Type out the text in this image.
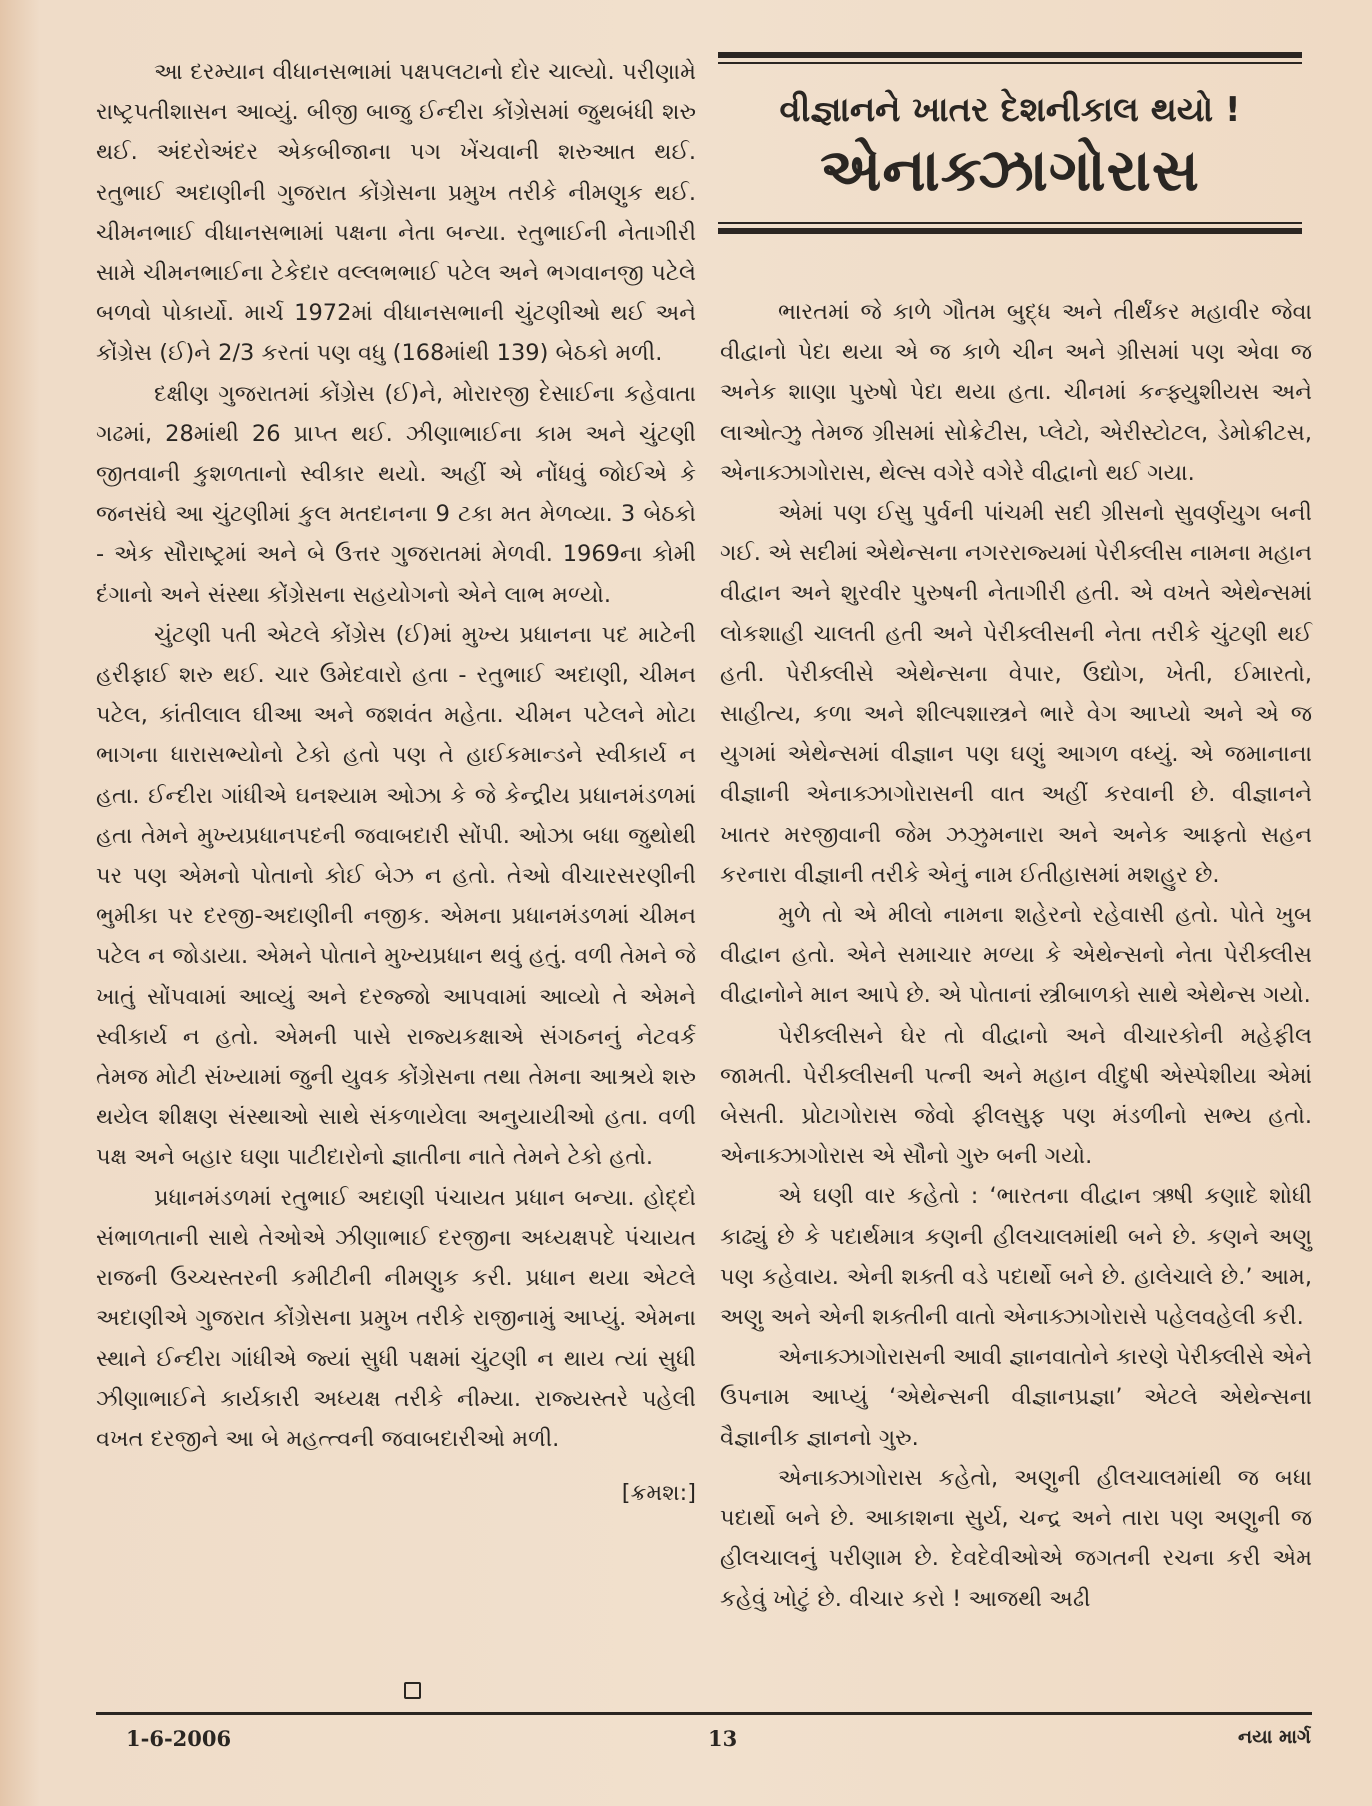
આ દરમ્યાન વીધાનસભામાં પક્ષપલટાનો દોર ચાલ્યો. પરીણામે રાષ્ટ્રપતીશાસન આવ્યું. બીજી બાજુ ઈન્દીરા કોંગ્રેસમાં જુથબંધી શરુ થઈ. અંદરોઅંદર એકબીજાના પગ ખેંચવાની શરુઆત થઈ. રતુભાઈ અદાણીની ગુજરાત કોંગ્રેસના પ્રમુખ તરીકે નીમણુક થઈ. ચીમનભાઈ વીધાનસભામાં પક્ષના નેતા બન્યા. રતુભાઈની નેતાગીરી સામે ચીમનભાઈના ટેકેદાર વલ્લભભાઈ પટેલ અને ભગવાનજી પટેલે બળવો પોકાર્યો. માર્ચ 1972માં વીધાનસભાની ચુંટણીઓ થઈ અને કોંગ્રેસ (ઈ)ને 2/3 કરતાં પણ વધુ (168માંથી 139) બેઠકો મળી.

દક્ષીણ ગુજરાતમાં કોંગ્રેસ (ઈ)ને, મોરારજી દેસાઈના કહેવાતા ગઢમાં, 28માંથી 26 પ્રાપ્ત થઈ. ઝીણાભાઈના કામ અને ચુંટણી જીતવાની કુશળતાનો સ્વીકાર થયો. અહીં એ નોંધવું જોઈએ કે જનસંઘે આ ચુંટણીમાં કુલ મતદાનના 9 ટકા મત મેળવ્યા. 3 બેઠકો - એક સૌરાષ્ટ્રમાં અને બે ઉત્તર ગુજરાતમાં મેળવી. 1969ના કોમી દંગાનો અને સંસ્થા કોંગ્રેસના સહયોગનો એને લાભ મળ્યો.

ચુંટણી પતી એટલે કોંગ્રેસ (ઈ)માં મુખ્ય પ્રધાનના પદ માટેની હરીફાઈ શરુ થઈ. ચાર ઉમેદવારો હતા - રતુભાઈ અદાણી, ચીમન પટેલ, કાંતીલાલ ઘીઆ અને જશવંત મહેતા. ચીમન પટેલને મોટા ભાગના ધારાસભ્યોનો ટેકો હતો પણ તે હાઈકમાન્ડને સ્વીકાર્ય ન હતા. ઈન્દીરા ગાંધીએ ઘનશ્યામ ઓઝા કે જે કેન્દ્રીય પ્રધાનમંડળમાં હતા તેમને મુખ્યપ્રધાનપદની જવાબદારી સોંપી. ઓઝા બધા જુથોથી પર પણ એમનો પોતાનો કોઈ બેઝ ન હતો. તેઓ વીચારસરણીની ભુમીકા પર દરજી-અદાણીની નજીક. એમના પ્રધાનમંડળમાં ચીમન પટેલ ન જોડાયા. એમને પોતાને મુખ્યપ્રધાન થવું હતું. વળી તેમને જે ખાતું સોંપવામાં આવ્યું અને દરજ્જો આપવામાં આવ્યો તે એમને સ્વીકાર્ય ન હતો. એમની પાસે રાજ્યકક્ષાએ સંગઠનનું નેટવર્ક તેમજ મોટી સંખ્યામાં જુની યુવક કોંગ્રેસના તથા તેમના આશ્રયે શરુ થયેલ શીક્ષણ સંસ્થાઓ સાથે સંકળાયેલા અનુયાયીઓ હતા. વળી પક્ષ અને બહાર ઘણા પાટીદારોનો જ્ઞાતીના નાતે તેમને ટેકો હતો.

પ્રધાનમંડળમાં રતુભાઈ અદાણી પંચાયત પ્રધાન બન્યા. હોદ્દો સંભાળતાની સાથે તેઓએ ઝીણાભાઈ દરજીના અધ્યક્ષપદે પંચાયત રાજની ઉચ્ચસ્તરની કમીટીની નીમણુક કરી. પ્રધાન થયા એટલે અદાણીએ ગુજરાત કોંગ્રેસના પ્રમુખ તરીકે રાજીનામું આપ્યું. એમના સ્થાને ઈન્દીરા ગાંધીએ જ્યાં સુધી પક્ષમાં ચુંટણી ન થાય ત્યાં સુધી ઝીણાભાઈને કાર્યકારી અધ્યક્ષ તરીકે નીમ્યા. રાજ્યસ્તરે પહેલી વખત દરજીને આ બે મહત્ત્વની જવાબદારીઓ મળી.

[ક્રમશ:]

વીજ્ઞાનને ખાતર દેશનીકાલ થયો !
એનાક્ઝાગોરાસ

ભારતમાં જે કાળે ગૌતમ બુદ્ધ અને તીર્થંકર મહાવીર જેવા વીદ્વાનો પેદા થયા એ જ કાળે ચીન અને ગ્રીસમાં પણ એવા જ અનેક શાણા પુરુષો પેદા થયા હતા. ચીનમાં કન્ફ્યુશીયસ અને લાઓત્ઝુ તેમજ ગ્રીસમાં સોક્રેટીસ, પ્લેટો, એરીસ્ટોટલ, ડેમોક્રીટસ, એનાક્ઝાગોરાસ, થેલ્સ વગેરે વગેરે વીદ્વાનો થઈ ગયા.

એમાં પણ ઈસુ પુર્વની પાંચમી સદી ગ્રીસનો સુવર્ણયુગ બની ગઈ. એ સદીમાં એથેન્સના નગરરાજ્યમાં પેરીક્લીસ નામના મહાન વીદ્વાન અને શુરવીર પુરુષની નેતાગીરી હતી. એ વખતે એથેન્સમાં લોકશાહી ચાલતી હતી અને પેરીક્લીસની નેતા તરીકે ચુંટણી થઈ હતી. પેરીક્લીસે એથેન્સના વેપાર, ઉદ્યોગ, ખેતી, ઈમારતો, સાહીત્ય, કળા અને શીલ્પશાસ્ત્રને ભારે વેગ આપ્યો અને એ જ યુગમાં એથેન્સમાં વીજ્ઞાન પણ ઘણું આગળ વધ્યું. એ જમાનાના વીજ્ઞાની એનાક્ઝાગોરાસની વાત અહીં કરવાની છે. વીજ્ઞાનને ખાતર મરજીવાની જેમ ઝઝુમનારા અને અનેક આફતો સહન કરનારા વીજ્ઞાની તરીકે એનું નામ ઈતીહાસમાં મશહુર છે.

મુળે તો એ મીલો નામના શહેરનો રહેવાસી હતો. પોતે ખુબ વીદ્વાન હતો. એને સમાચાર મળ્યા કે એથેન્સનો નેતા પેરીક્લીસ વીદ્વાનોને માન આપે છે. એ પોતાનાં સ્ત્રીબાળકો સાથે એથેન્સ ગયો.

પેરીક્લીસને ઘેર તો વીદ્વાનો અને વીચારકોની મહેફીલ જામતી. પેરીક્લીસની પત્ની અને મહાન વીદુષી એસ્પેશીયા એમાં બેસતી. પ્રોટાગોરાસ જેવો ફીલસુફ પણ મંડળીનો સભ્ય હતો. એનાક્ઝાગોરાસ એ સૌનો ગુરુ બની ગયો.

એ ઘણી વાર કહેતો : ‘ભારતના વીદ્વાન ઋષી કણાદે શોધી કાઢ્યું છે કે પદાર્થમાત્ર કણની હીલચાલમાંથી બને છે. કણને અણુ પણ કહેવાય. એની શક્તી વડે પદાર્થો બને છે. હાલેચાલે છે.’ આમ, અણુ અને એની શક્તીની વાતો એનાક્ઝાગોરાસે પહેલવહેલી કરી.

એનાક્ઝાગોરાસની આવી જ્ઞાનવાતોને કારણે પેરીક્લીસે એને ઉપનામ આપ્યું ‘એથેન્સની વીજ્ઞાનપ્રજ્ઞા’ એટલે એથેન્સના વૈજ્ઞાનીક જ્ઞાનનો ગુરુ.

એનાક્ઝાગોરાસ કહેતો, અણુની હીલચાલમાંથી જ બધા પદાર્થો બને છે. આકાશના સુર્ય, ચન્દ્ર અને તારા પણ અણુની જ હીલચાલનું પરીણામ છે. દેવદેવીઓએ જગતની રચના કરી એમ કહેવું ખોટું છે. વીચાર કરો ! આજથી અઢી

1-6-2006	13	નયા માર્ગ
